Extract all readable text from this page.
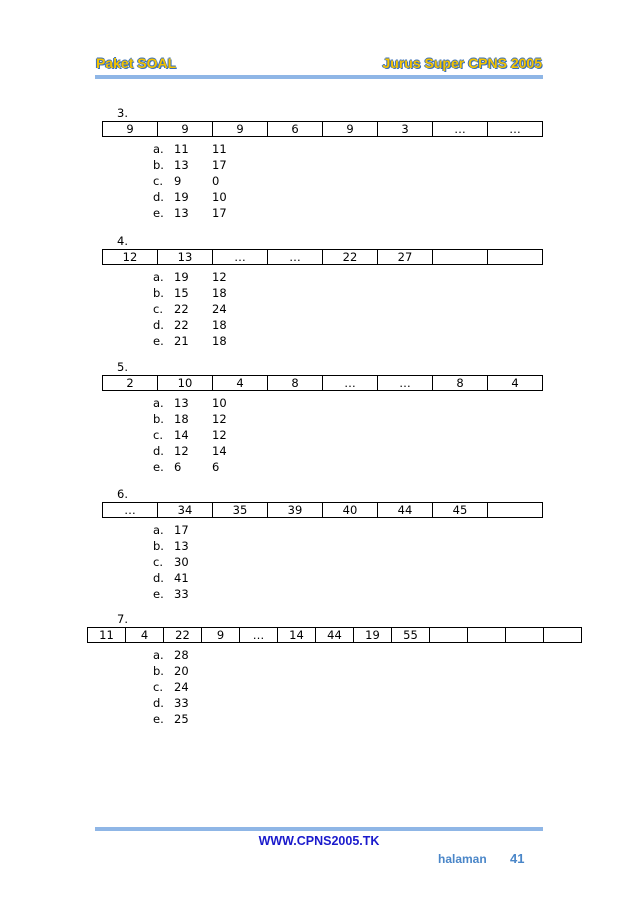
Paket SOAL	Jurus Super CPNS 2005
3.
9	9	9	6	9	3	…	…
a. 11 11
b. 13 17
c. 9	0
d. 19 10
e. 13 17
4.
12	13	…	…	22	27		
a. 19 12
b. 15 18
c. 22 24
d. 22 18
e. 21 18
5.
2	10	4	8	…	…	8	4
a. 13 10
b. 18 12
c. 14 12
d. 12 14
e. 6	6
6.
…	34	35	39	40	44	45	
a. 17
b. 13
c. 30
d. 41
e. 33
7.
11	4	22	9	…	14	44	19	55				
a. 28
b. 20
c. 24
d. 33
e. 25
WWW.CPNS2005.TK
halaman 41
